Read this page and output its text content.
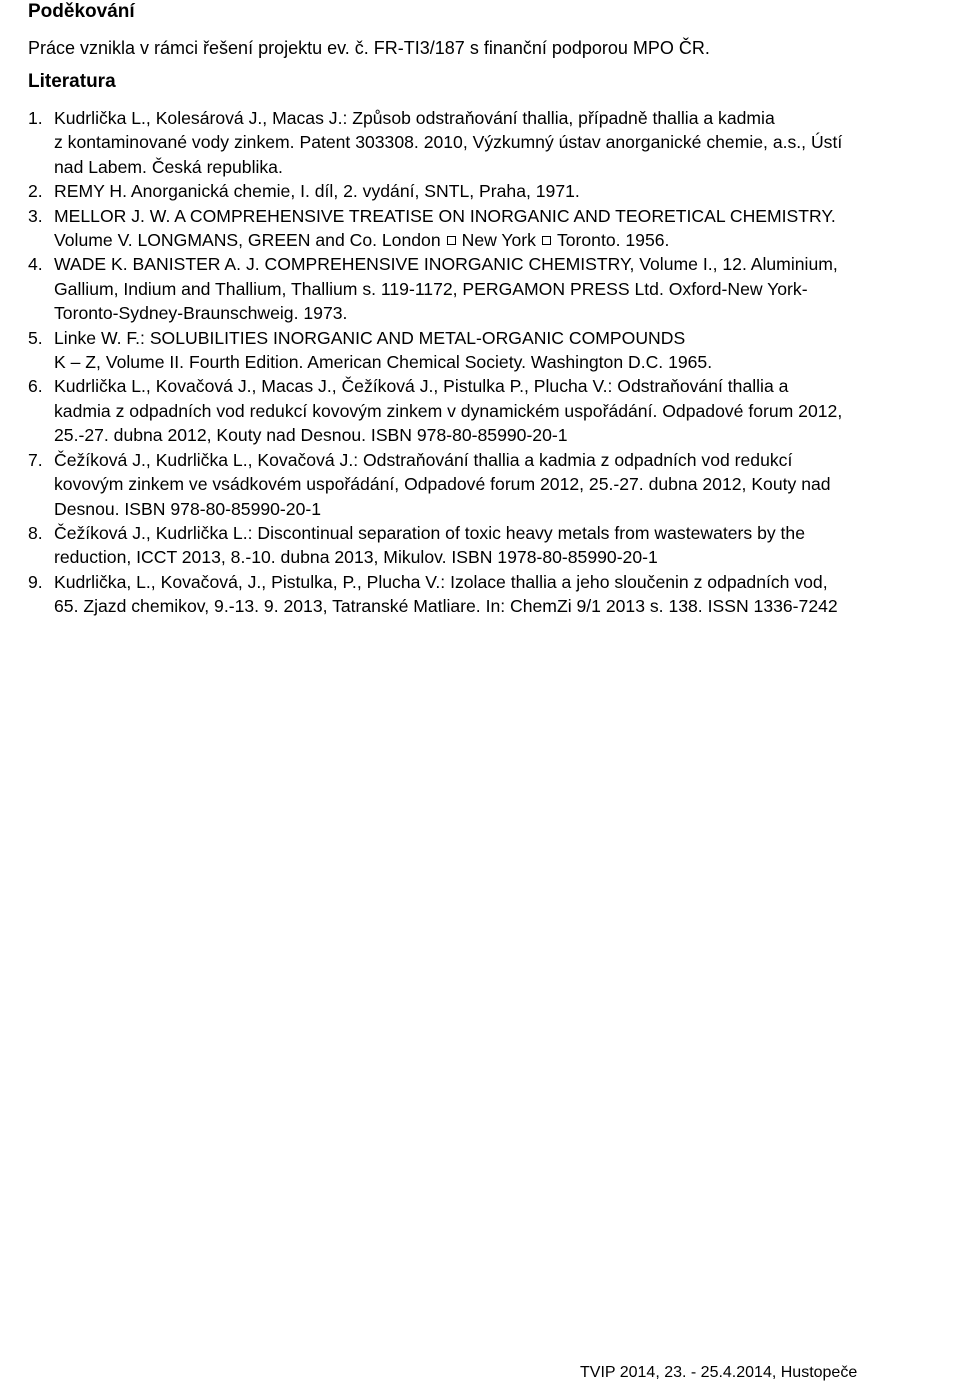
Poděkování
Práce vznikla v rámci řešení projektu ev. č. FR-TI3/187 s finanční podporou MPO ČR.
Literatura
1. Kudrlička L., Kolesárová J., Macas J.: Způsob odstraňování thallia, případně thallia a kadmia
z kontaminované vody zinkem. Patent 303308. 2010, Výzkumný ústav anorganické chemie, a.s., Ústí
nad Labem. Česká republika.
2. REMY H. Anorganická chemie, I. díl, 2. vydání, SNTL, Praha, 1971.
3. MELLOR J. W. A COMPREHENSIVE TREATISE ON INORGANIC AND TEORETICAL CHEMISTRY.
Volume V. LONGMANS, GREEN and Co. London New York Toronto. 1956.
4. WADE K. BANISTER A. J. COMPREHENSIVE INORGANIC CHEMISTRY, Volume I., 12. Aluminium,
Gallium, Indium and Thallium, Thallium s. 119-1172, PERGAMON PRESS Ltd. Oxford-New York-
Toronto-Sydney-Braunschweig. 1973.
5. Linke W. F.: SOLUBILITIES INORGANIC AND METAL-ORGANIC COMPOUNDS
K – Z, Volume II. Fourth Edition. American Chemical Society. Washington D.C. 1965.
6. Kudrlička L., Kovačová J., Macas J., Čežíková J., Pistulka P., Plucha V.: Odstraňování thallia a
kadmia z odpadních vod redukcí kovovým zinkem v dynamickém uspořádání. Odpadové forum 2012,
25.-27. dubna 2012, Kouty nad Desnou. ISBN 978-80-85990-20-1
7. Čežíková J., Kudrlička L., Kovačová J.: Odstraňování thallia a kadmia z odpadních vod redukcí
kovovým zinkem ve vsádkovém uspořádání, Odpadové forum 2012, 25.-27. dubna 2012, Kouty nad
Desnou. ISBN 978-80-85990-20-1
8. Čežíková J., Kudrlička L.: Discontinual separation of toxic heavy metals from wastewaters by the
reduction, ICCT 2013, 8.-10. dubna 2013, Mikulov. ISBN 1978-80-85990-20-1
9. Kudrlička, L., Kovačová, J., Pistulka, P., Plucha V.: Izolace thallia a jeho sloučenin z odpadních vod,
65. Zjazd chemikov, 9.-13. 9. 2013, Tatranské Matliare. In: ChemZi 9/1 2013 s. 138. ISSN 1336-7242
TVIP 2014, 23. - 25.4.2014, Hustopeče
